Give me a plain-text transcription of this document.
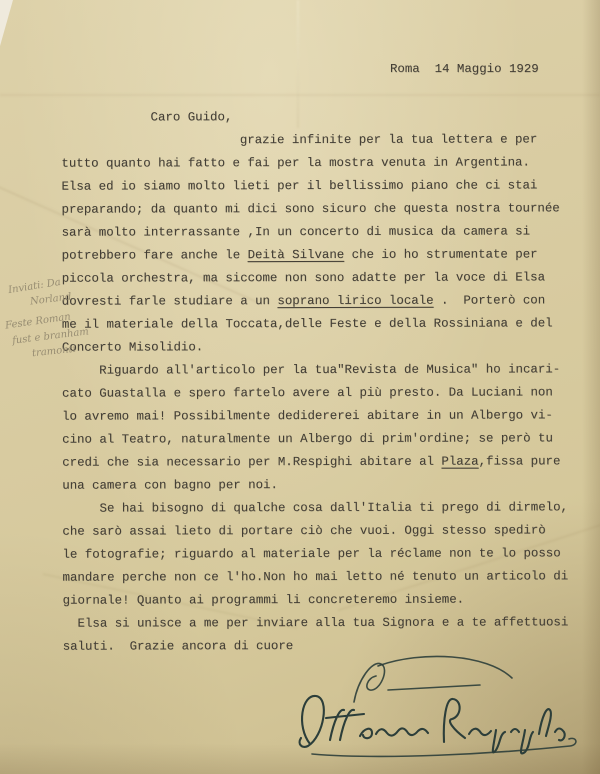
Roma  14 Maggio 1929
Caro Guido,
grazie infinite per la tua lettera e per
tutto quanto hai fatto e fai per la mostra venuta in Argentina.
Elsa ed io siamo molto lieti per il bellissimo piano che ci stai
preparando; da quanto mi dici sono sicuro che questa nostra tournée
sarà molto interrassante ,In un concerto di musica da camera si
potrebbero fare anche le Deità Silvane che io ho strumentate per
piccola orchestra, ma siccome non sono adatte per la voce di Elsa
dovresti farle studiare a un soprano lirico locale .  Porterò con
me il materiale della Toccata,delle Feste e della Rossiniana e del
Concerto Misolidio.
Riguardo all'articolo per la tua"Revista de Musica" ho incari-
cato Guastalla e spero fartelo avere al più presto. Da Luciani non
lo avremo mai! Possibilmente dedidererei abitare in un Albergo vi-
cino al Teatro, naturalmente un Albergo di prim'ordine; se però tu
credi che sia necessario per M.Respighi abitare al Plaza,fissa pure
una camera con bagno per noi.
Se hai bisogno di qualche cosa dall'Italia ti prego di dirmelo,
che sarò assai lieto di portare ciò che vuoi. Oggi stesso spedirò
le fotografie; riguardo al materiale per la réclame non te lo posso
mandare perche non ce l'ho.Non ho mai letto né tenuto un articolo di
giornale! Quanto ai programmi li concreteremo insieme.
Elsa si unisce a me per inviare alla tua Signora e a te affettuosi
saluti.  Grazie ancora di cuore
Inviati: Da
Norland
Feste Roman
fust e branham
tramonti
